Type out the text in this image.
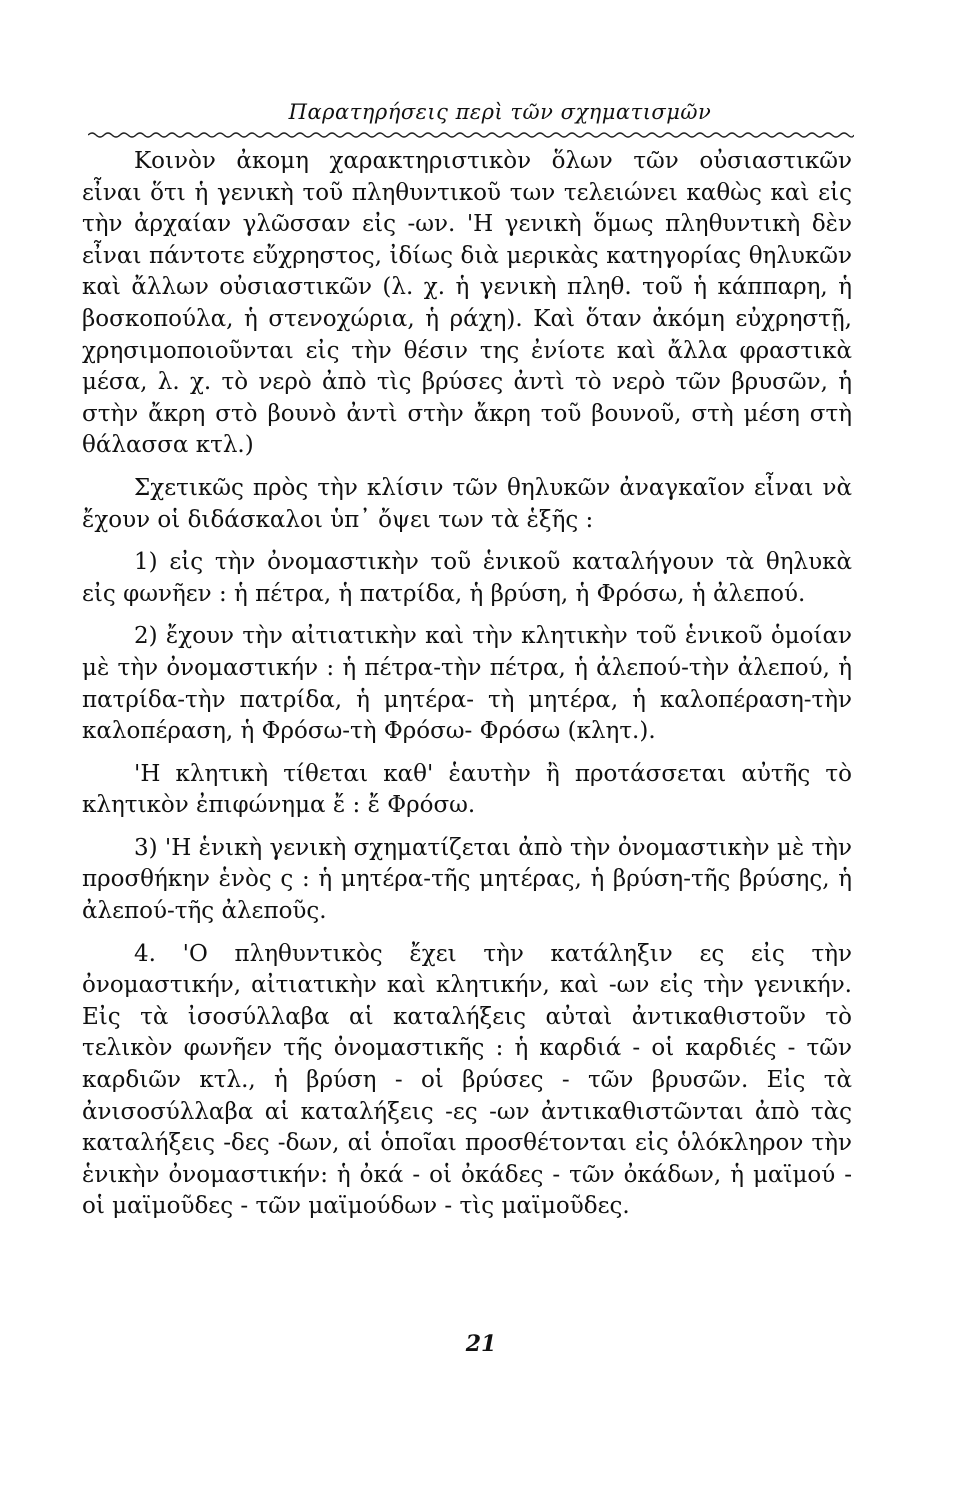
Παρατηρήσεις περὶ τῶν σχηματισμῶν

Κοινὸν ἀκομη χαρακτηριστικὸν ὅλων τῶν οὐσιαστικῶν εἶναι ὅτι ἡ γενικὴ τοῦ πληθυντικοῦ των τελειώνει καθὼς καὶ εἰς τὴν ἀρχαίαν γλῶσσαν εἰς -ων. 'Η γενικὴ ὅμως πληθυντικὴ δὲν εἶναι πάντοτε εὔχρηστος, ἰδίως διὰ μερικὰς κατηγορίας θηλυκῶν καὶ ἄλλων οὐσιαστικῶν (λ. χ. ἡ γενικὴ πληθ. τοῦ ἡ κάππαρη, ἡ βοσκοπούλα, ἡ στενοχώρια, ἡ ράχη). Καὶ ὅταν ἀκόμη εὐχρηστῇ, χρησιμοποιοῦνται εἰς τὴν θέσιν της ἐνίοτε καὶ ἄλλα φραστικὰ μέσα, λ. χ. τὸ νερὸ ἀπὸ τὶς βρύσες ἀντὶ τὸ νερὸ τῶν βρυσῶν, ἡ στὴν ἄκρη στὸ βουνὸ ἀντὶ στὴν ἄκρη τοῦ βουνοῦ, στὴ μέση στὴ θάλασσα κτλ.)

Σχετικῶς πρὸς τὴν κλίσιν τῶν θηλυκῶν ἀναγκαῖον εἶναι νὰ ἔχουν οἱ διδάσκαλοι ὑπ᾽ ὄψει των τὰ ἑξῆς :

1) εἰς τὴν ὀνομαστικὴν τοῦ ἑνικοῦ καταλήγουν τὰ θηλυκὰ εἰς φωνῆεν : ἡ πέτρα, ἡ πατρίδα, ἡ βρύση, ἡ Φρόσω, ἡ ἀλεπού.

2) ἔχουν τὴν αἰτιατικὴν καὶ τὴν κλητικὴν τοῦ ἑνικοῦ ὁμοίαν μὲ τὴν ὀνομαστικήν : ἡ πέτρα-τὴν πέτρα, ἡ ἀλεπού-τὴν ἀλεπού, ἡ πατρίδα-τὴν πατρίδα, ἡ μητέρα- τὴ μητέρα, ἡ καλοπέραση-τὴν καλοπέραση, ἡ Φρόσω-τὴ Φρόσω- Φρόσω (κλητ.).

'Η κλητικὴ τίθεται καθ' ἑαυτὴν ἢ προτάσσεται αὐτῆς τὸ κλητικὸν ἐπιφώνημα ἔ : ἔ Φρόσω.

3) 'Η ἑνικὴ γενικὴ σχηματίζεται ἀπὸ τὴν ὀνομαστικὴν μὲ τὴν προσθήκην ἑνὸς ς : ἡ μητέρα-τῆς μητέρας, ἡ βρύση-τῆς βρύσης, ἡ ἀλεπού-τῆς ἀλεποῦς.

4. 'Ο πληθυντικὸς ἔχει τὴν κατάληξιν ες εἰς τὴν ὀνομαστικήν, αἰτιατικὴν καὶ κλητικήν, καὶ -ων εἰς τὴν γενικήν. Εἰς τὰ ἰσοσύλλαβα αἱ καταλήξεις αὐταὶ ἀντικαθιστοῦν τὸ τελικὸν φωνῆεν τῆς ὀνομαστικῆς : ἡ καρδιά - οἱ καρδιές - τῶν καρδιῶν κτλ., ἡ βρύση - οἱ βρύσες - τῶν βρυσῶν. Εἰς τὰ ἀνισοσύλλαβα αἱ καταλήξεις -ες -ων ἀντικαθιστῶνται ἀπὸ τὰς καταλήξεις -δες -δων, αἱ ὁποῖαι προσθέτονται εἰς ὁλόκληρον τὴν ἑνικὴν ὀνομαστικήν: ἡ ὀκά - οἱ ὀκάδες - τῶν ὀκάδων, ἡ μαϊμού - οἱ μαϊμοῦδες - τῶν μαϊμούδων - τὶς μαϊμοῦδες.

21
